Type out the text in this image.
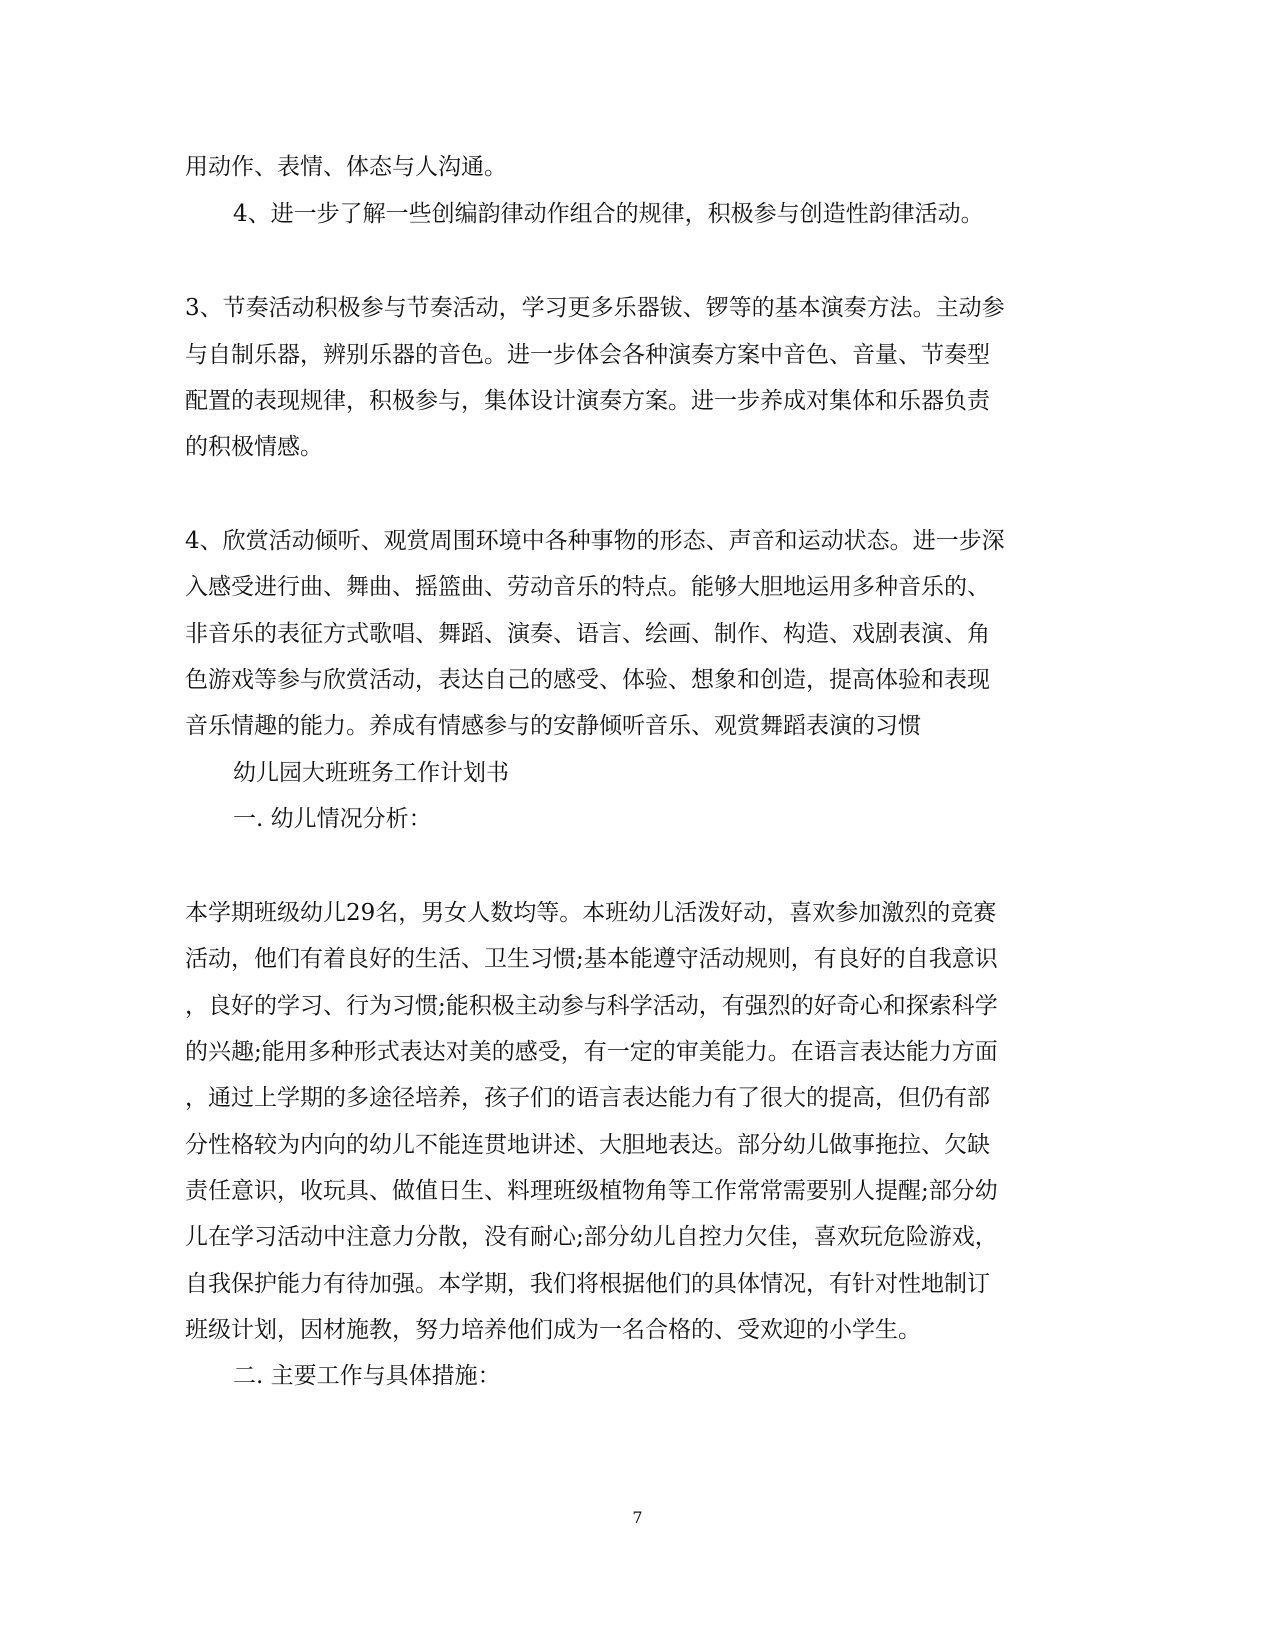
用动作、表情、体态与人沟通。
4、进一步了解一些创编韵律动作组合的规律，积极参与创造性韵律活动。
3、节奏活动积极参与节奏活动，学习更多乐器钹、锣等的基本演奏方法。主动参
与自制乐器，辨别乐器的音色。进一步体会各种演奏方案中音色、音量、节奏型
配置的表现规律，积极参与，集体设计演奏方案。进一步养成对集体和乐器负责
的积极情感。
4、欣赏活动倾听、观赏周围环境中各种事物的形态、声音和运动状态。进一步深
入感受进行曲、舞曲、摇篮曲、劳动音乐的特点。能够大胆地运用多种音乐的、
非音乐的表征方式歌唱、舞蹈、演奏、语言、绘画、制作、构造、戏剧表演、角
色游戏等参与欣赏活动，表达自己的感受、体验、想象和创造，提高体验和表现
音乐情趣的能力。养成有情感参与的安静倾听音乐、观赏舞蹈表演的习惯
幼儿园大班班务工作计划书
一. 幼儿情况分析：
本学期班级幼儿29名，男女人数均等。本班幼儿活泼好动，喜欢参加激烈的竞赛
活动，他们有着良好的生活、卫生习惯;基本能遵守活动规则，有良好的自我意识
，良好的学习、行为习惯;能积极主动参与科学活动，有强烈的好奇心和探索科学
的兴趣;能用多种形式表达对美的感受，有一定的审美能力。在语言表达能力方面
，通过上学期的多途径培养，孩子们的语言表达能力有了很大的提高，但仍有部
分性格较为内向的幼儿不能连贯地讲述、大胆地表达。部分幼儿做事拖拉、欠缺
责任意识，收玩具、做值日生、料理班级植物角等工作常常需要别人提醒;部分幼
儿在学习活动中注意力分散，没有耐心;部分幼儿自控力欠佳，喜欢玩危险游戏，
自我保护能力有待加强。本学期，我们将根据他们的具体情况，有针对性地制订
班级计划，因材施教，努力培养他们成为一名合格的、受欢迎的小学生。
二. 主要工作与具体措施：
7
